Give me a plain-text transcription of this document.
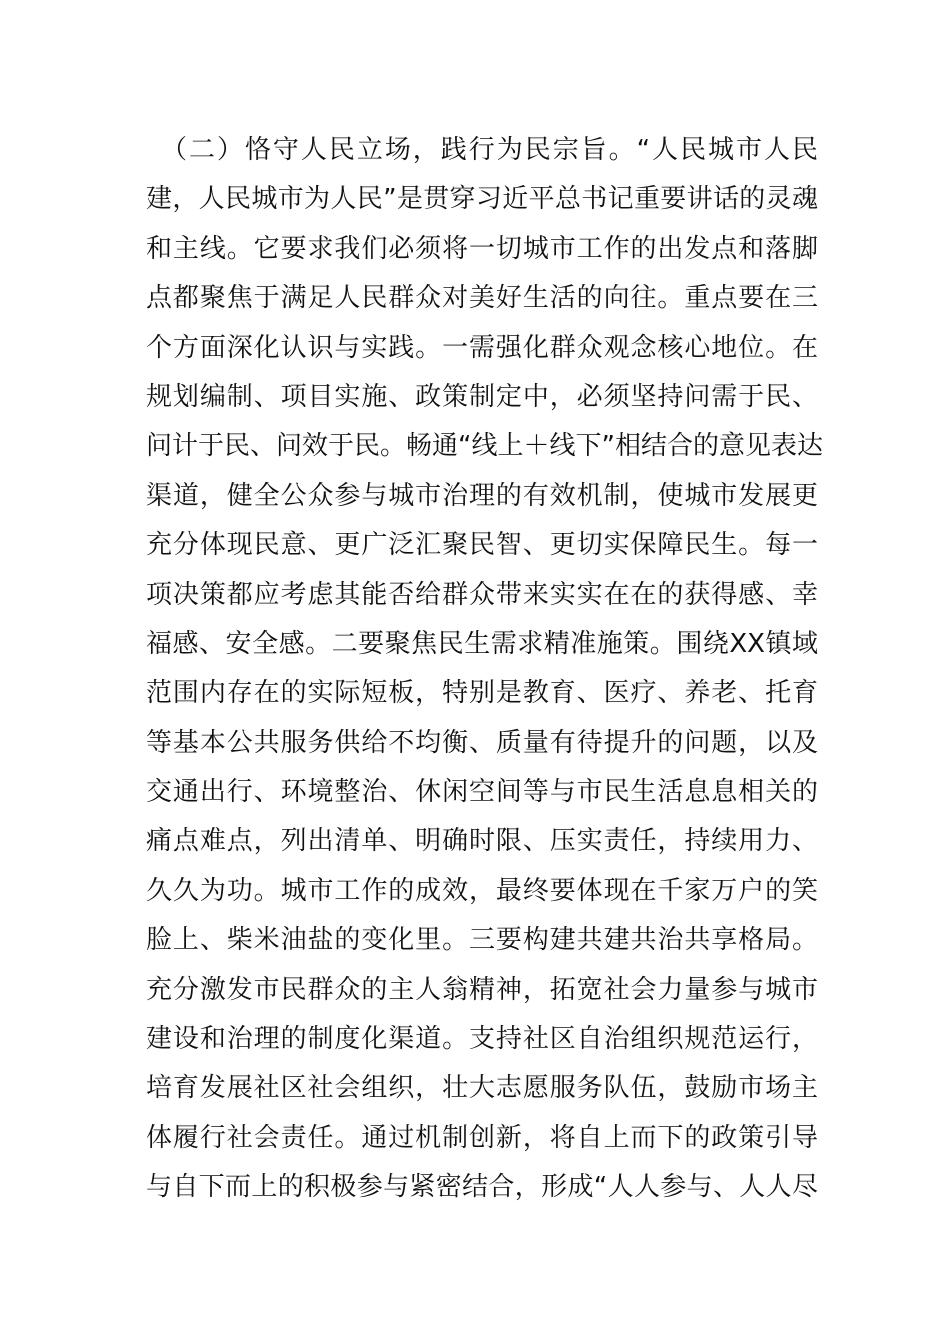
　（二）恪守人民立场，践行为民宗旨。“人民城市人民
建，人民城市为人民”是贯穿习近平总书记重要讲话的灵魂
和主线。它要求我们必须将一切城市工作的出发点和落脚
点都聚焦于满足人民群众对美好生活的向往。重点要在三
个方面深化认识与实践。一需强化群众观念核心地位。在
规划编制、项目实施、政策制定中，必须坚持问需于民、
问计于民、问效于民。畅通“线上＋线下”相结合的意见表达
渠道，健全公众参与城市治理的有效机制，使城市发展更
充分体现民意、更广泛汇聚民智、更切实保障民生。每一
项决策都应考虑其能否给群众带来实实在在的获得感、幸
福感、安全感。二要聚焦民生需求精准施策。围绕XX镇域
范围内存在的实际短板，特别是教育、医疗、养老、托育
等基本公共服务供给不均衡、质量有待提升的问题，以及
交通出行、环境整治、休闲空间等与市民生活息息相关的
痛点难点，列出清单、明确时限、压实责任，持续用力、
久久为功。城市工作的成效，最终要体现在千家万户的笑
脸上、柴米油盐的变化里。三要构建共建共治共享格局。
充分激发市民群众的主人翁精神，拓宽社会力量参与城市
建设和治理的制度化渠道。支持社区自治组织规范运行，
培育发展社区社会组织，壮大志愿服务队伍，鼓励市场主
体履行社会责任。通过机制创新，将自上而下的政策引导
与自下而上的积极参与紧密结合，形成“人人参与、人人尽
